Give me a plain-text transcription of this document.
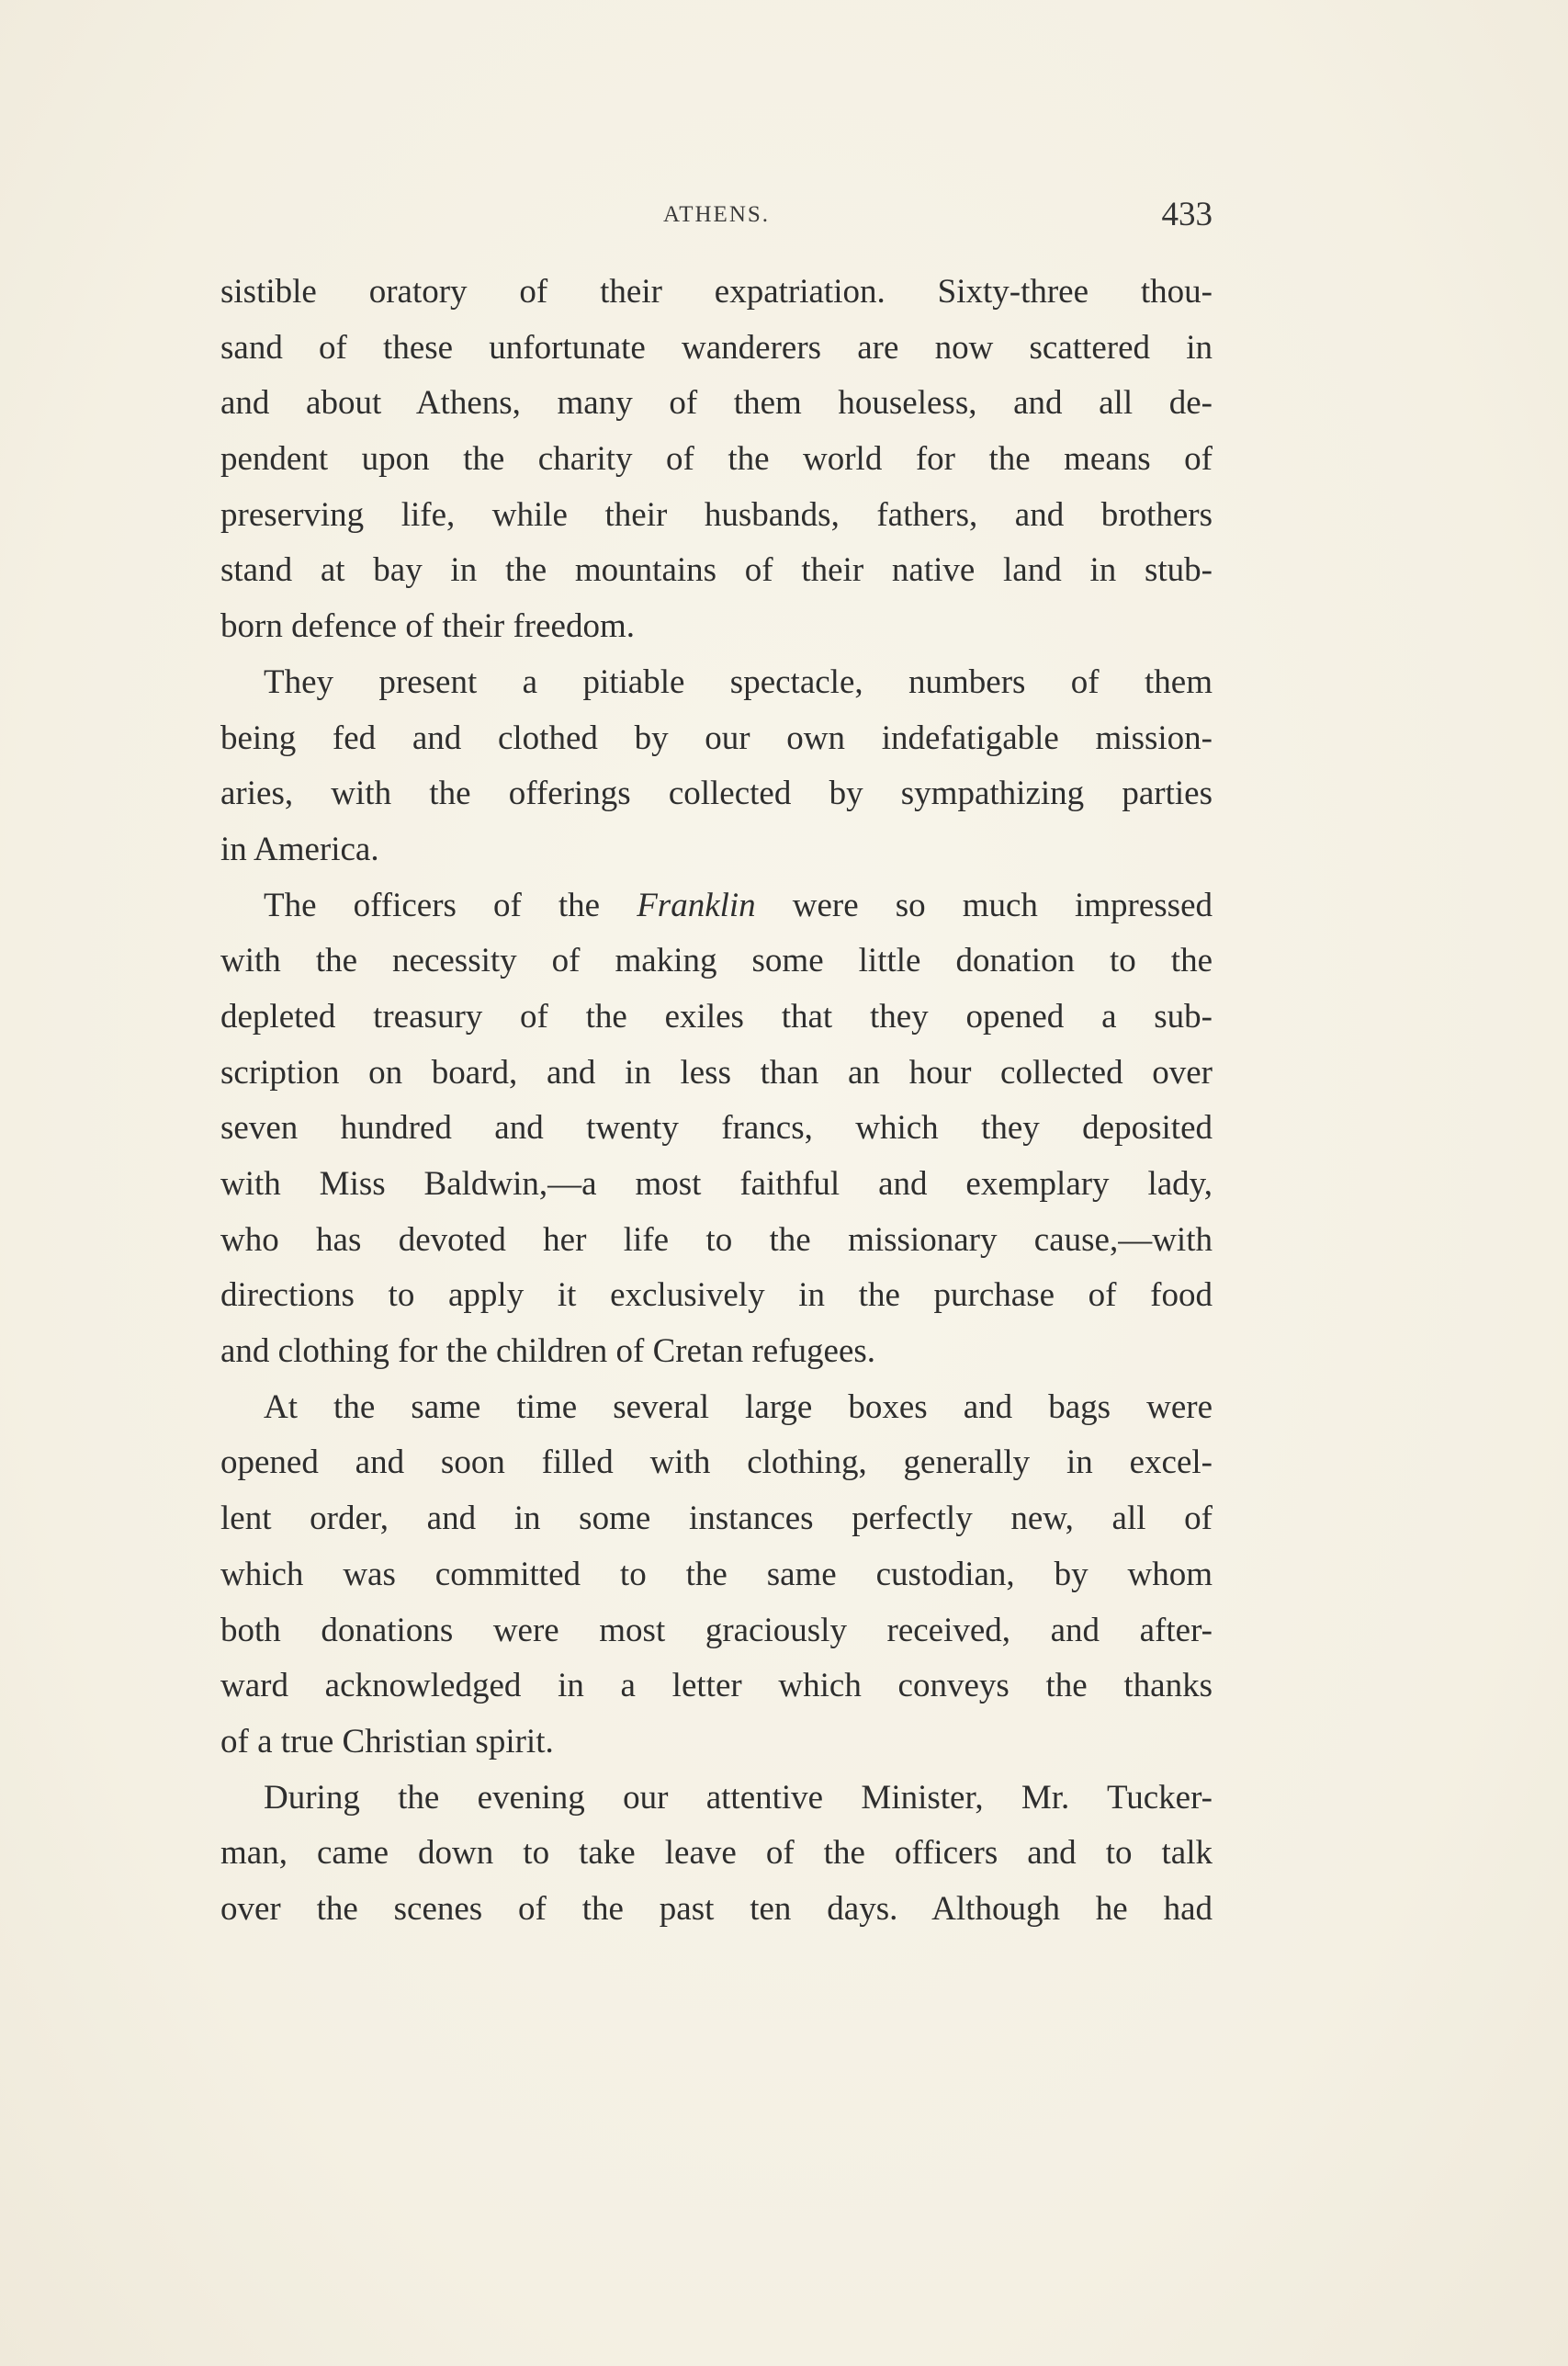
ATHENS.	433
sistible oratory of their expatriation. Sixty-three thou-
sand of these unfortunate wanderers are now scattered in
and about Athens, many of them houseless, and all de-
pendent upon the charity of the world for the means of
preserving life, while their husbands, fathers, and brothers
stand at bay in the mountains of their native land in stub-
born defence of their freedom.
They present a pitiable spectacle, numbers of them
being fed and clothed by our own indefatigable mission-
aries, with the offerings collected by sympathizing parties
in America.
The officers of the Franklin were so much impressed
with the necessity of making some little donation to the
depleted treasury of the exiles that they opened a sub-
scription on board, and in less than an hour collected over
seven hundred and twenty francs, which they deposited
with Miss Baldwin,—a most faithful and exemplary lady,
who has devoted her life to the missionary cause,—with
directions to apply it exclusively in the purchase of food
and clothing for the children of Cretan refugees.
At the same time several large boxes and bags were
opened and soon filled with clothing, generally in excel-
lent order, and in some instances perfectly new, all of
which was committed to the same custodian, by whom
both donations were most graciously received, and after-
ward acknowledged in a letter which conveys the thanks
of a true Christian spirit.
During the evening our attentive Minister, Mr. Tucker-
man, came down to take leave of the officers and to talk
over the scenes of the past ten days. Although he had
